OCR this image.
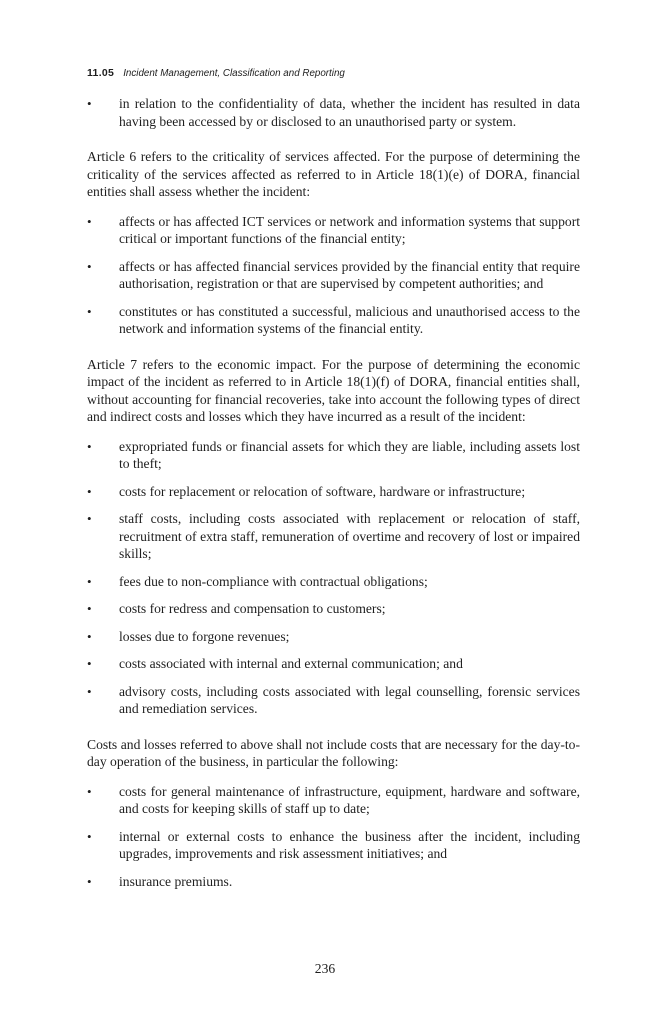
11.05 Incident Management, Classification and Reporting
•	in relation to the confidentiality of data, whether the incident has resulted in data having been accessed by or disclosed to an unauthorised party or system.

Article 6 refers to the criticality of services affected. For the purpose of determining the criticality of the services affected as referred to in Article 18(1)(e) of DORA, financial entities shall assess whether the incident:

•	affects or has affected ICT services or network and information systems that support critical or important functions of the financial entity;
•	affects or has affected financial services provided by the financial entity that require authorisation, registration or that are supervised by competent authorities; and
•	constitutes or has constituted a successful, malicious and unauthorised access to the network and information systems of the financial entity.

Article 7 refers to the economic impact. For the purpose of determining the economic impact of the incident as referred to in Article 18(1)(f) of DORA, financial entities shall, without accounting for financial recoveries, take into account the following types of direct and indirect costs and losses which they have incurred as a result of the incident:

•	expropriated funds or financial assets for which they are liable, including assets lost to theft;
•	costs for replacement or relocation of software, hardware or infrastructure;
•	staff costs, including costs associated with replacement or relocation of staff, recruitment of extra staff, remuneration of overtime and recovery of lost or impaired skills;
•	fees due to non-compliance with contractual obligations;
•	costs for redress and compensation to customers;
•	losses due to forgone revenues;
•	costs associated with internal and external communication; and
•	advisory costs, including costs associated with legal counselling, forensic services and remediation services.

Costs and losses referred to above shall not include costs that are necessary for the day-to-day operation of the business, in particular the following:

•	costs for general maintenance of infrastructure, equipment, hardware and software, and costs for keeping skills of staff up to date;
•	internal or external costs to enhance the business after the incident, including upgrades, improvements and risk assessment initiatives; and
•	insurance premiums.
236
